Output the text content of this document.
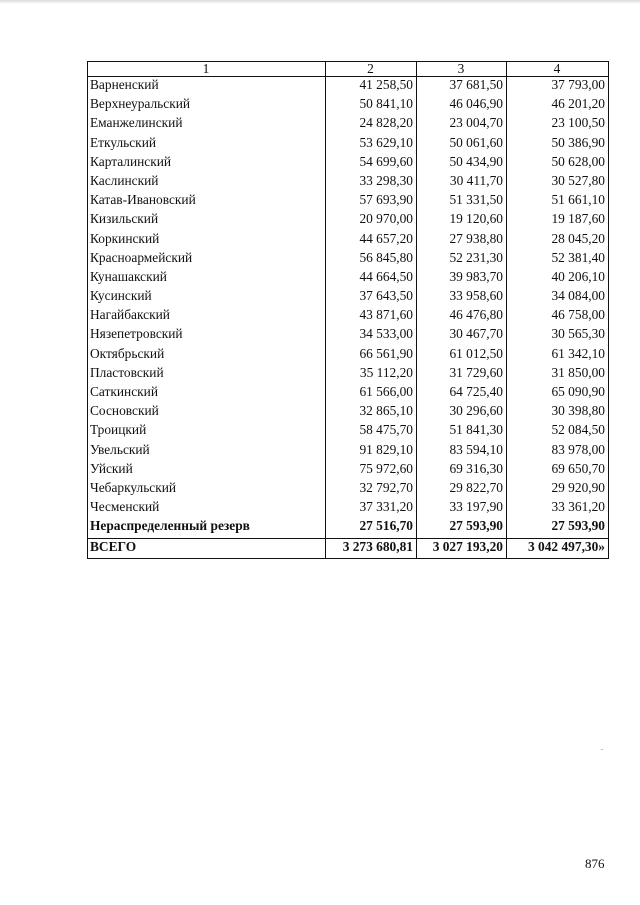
1	2	3	4
Варненский	41 258,50	37 681,50	37 793,00
Верхнеуральский	50 841,10	46 046,90	46 201,20
Еманжелинский	24 828,20	23 004,70	23 100,50
Еткульский	53 629,10	50 061,60	50 386,90
Карталинский	54 699,60	50 434,90	50 628,00
Каслинский	33 298,30	30 411,70	30 527,80
Катав-Ивановский	57 693,90	51 331,50	51 661,10
Кизильский	20 970,00	19 120,60	19 187,60
Коркинский	44 657,20	27 938,80	28 045,20
Красноармейский	56 845,80	52 231,30	52 381,40
Кунашакский	44 664,50	39 983,70	40 206,10
Кусинский	37 643,50	33 958,60	34 084,00
Нагайбакский	43 871,60	46 476,80	46 758,00
Нязепетровский	34 533,00	30 467,70	30 565,30
Октябрьский	66 561,90	61 012,50	61 342,10
Пластовский	35 112,20	31 729,60	31 850,00
Саткинский	61 566,00	64 725,40	65 090,90
Сосновский	32 865,10	30 296,60	30 398,80
Троицкий	58 475,70	51 841,30	52 084,50
Увельский	91 829,10	83 594,10	83 978,00
Уйский	75 972,60	69 316,30	69 650,70
Чебаркульский	32 792,70	29 822,70	29 920,90
Чесменский	37 331,20	33 197,90	33 361,20
Нераспределенный резерв	27 516,70	27 593,90	27 593,90
ВСЕГО	3 273 680,81	3 027 193,20	3 042 497,30»
876
